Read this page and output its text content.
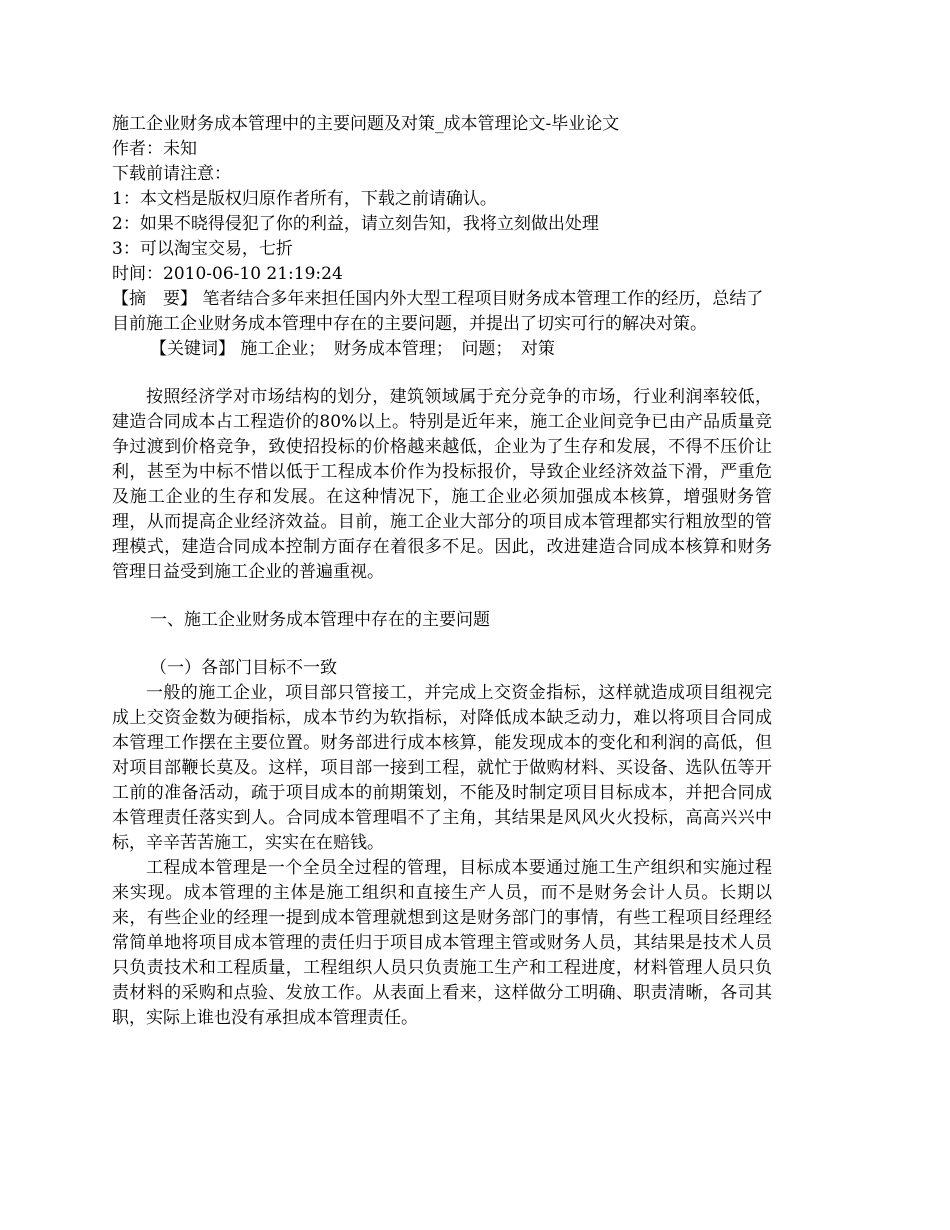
施工企业财务成本管理中的主要问题及对策_成本管理论文-毕业论文
作者：未知
下载前请注意：
1：本文档是版权归原作者所有，下载之前请确认。
2：如果不晓得侵犯了你的利益，请立刻告知，我将立刻做出处理
3：可以淘宝交易，七折
时间：2010-06-10 21:19:24
【摘　要】 笔者结合多年来担任国内外大型工程项目财务成本管理工作的经历，总结了目前施工企业财务成本管理中存在的主要问题，并提出了切实可行的解决对策。
【关键词】 施工企业；　财务成本管理；　问题；　对策
按照经济学对市场结构的划分，建筑领域属于充分竞争的市场，行业利润率较低，建造合同成本占工程造价的80%以上。特别是近年来，施工企业间竞争已由产品质量竞争过渡到价格竞争，致使招投标的价格越来越低，企业为了生存和发展，不得不压价让利，甚至为中标不惜以低于工程成本价作为投标报价，导致企业经济效益下滑，严重危及施工企业的生存和发展。在这种情况下，施工企业必须加强成本核算，增强财务管理，从而提高企业经济效益。目前，施工企业大部分的项目成本管理都实行粗放型的管理模式，建造合同成本控制方面存在着很多不足。因此，改进建造合同成本核算和财务管理日益受到施工企业的普遍重视。
一、施工企业财务成本管理中存在的主要问题
（一）各部门目标不一致
一般的施工企业，项目部只管接工，并完成上交资金指标，这样就造成项目组视完成上交资金数为硬指标，成本节约为软指标，对降低成本缺乏动力，难以将项目合同成本管理工作摆在主要位置。财务部进行成本核算，能发现成本的变化和利润的高低，但对项目部鞭长莫及。这样，项目部一接到工程，就忙于做购材料、买设备、选队伍等开工前的准备活动，疏于项目成本的前期策划，不能及时制定项目目标成本，并把合同成本管理责任落实到人。合同成本管理唱不了主角，其结果是风风火火投标，高高兴兴中标，辛辛苦苦施工，实实在在赔钱。
工程成本管理是一个全员全过程的管理，目标成本要通过施工生产组织和实施过程来实现。成本管理的主体是施工组织和直接生产人员，而不是财务会计人员。长期以来，有些企业的经理一提到成本管理就想到这是财务部门的事情，有些工程项目经理经常简单地将项目成本管理的责任归于项目成本管理主管或财务人员，其结果是技术人员只负责技术和工程质量，工程组织人员只负责施工生产和工程进度，材料管理人员只负责材料的采购和点验、发放工作。从表面上看来，这样做分工明确、职责清晰，各司其职，实际上谁也没有承担成本管理责任。
